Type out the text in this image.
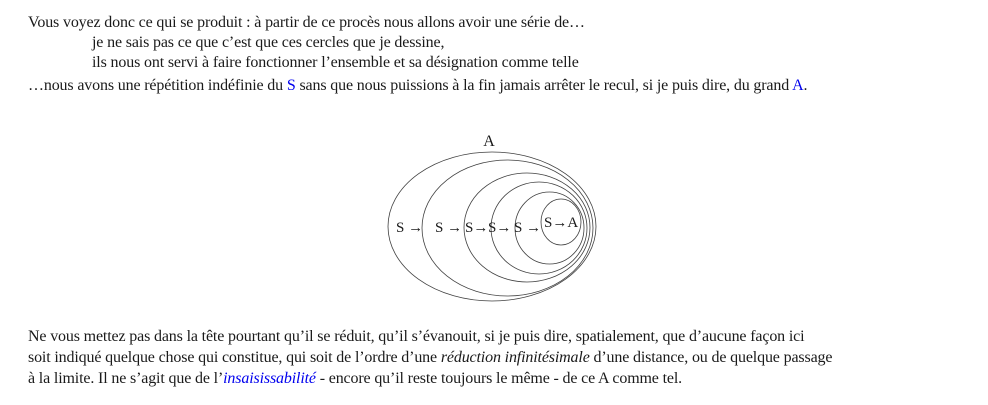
Vous voyez donc ce qui se produit : à partir de ce procès nous allons avoir une série de…
je ne sais pas ce que c’est que ces cercles que je dessine,
ils nous ont servi à faire fonctionner l’ensemble et sa désignation comme telle
…nous avons une répétition indéfinie du S sans que nous puissions à la fin jamais arrêter le recul, si je puis dire, du grand A.
A
S → S → S→ S→ S → S→A
Ne vous mettez pas dans la tête pourtant qu’il se réduit, qu’il s’évanouit, si je puis dire, spatialement, que d’aucune façon ici
soit indiqué quelque chose qui constitue, qui soit de l’ordre d’une réduction infinitésimale d’une distance, ou de quelque passage
à la limite. Il ne s’agit que de l’insaisissabilité - encore qu’il reste toujours le même - de ce A comme tel.
